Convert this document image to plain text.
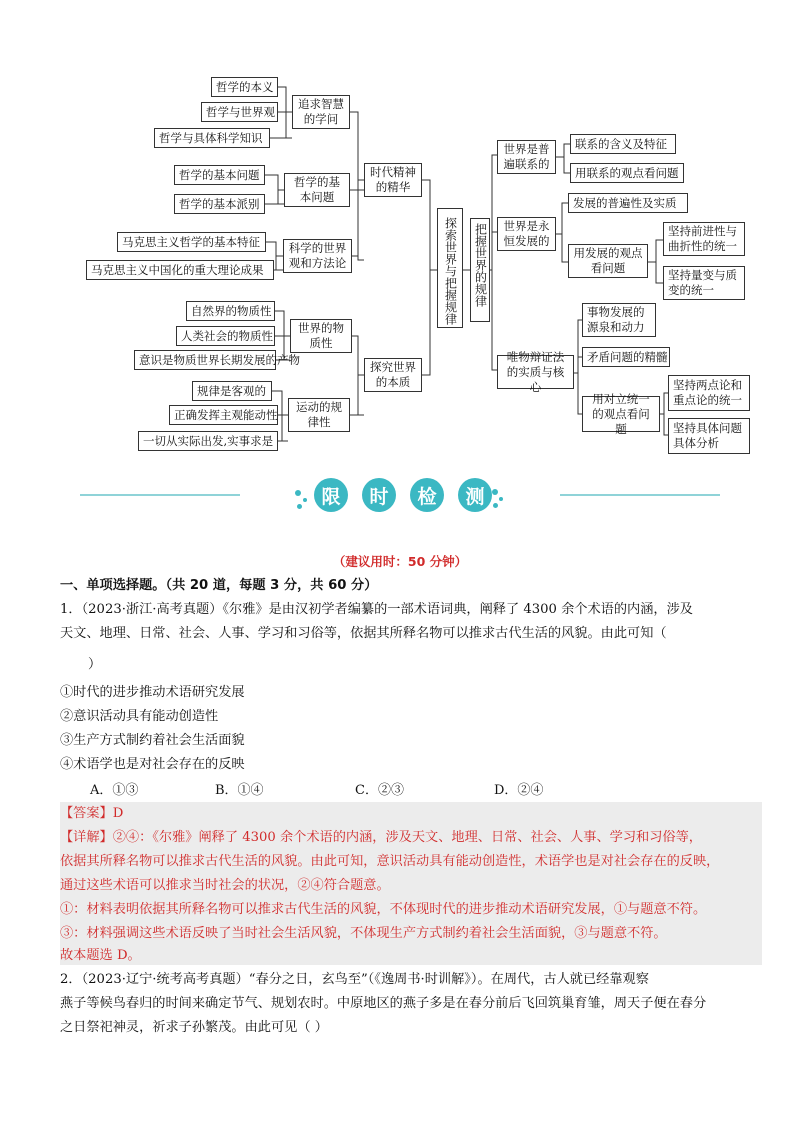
哲学的本义
哲学与世界观
哲学与具体科学知识
追求智慧的学问
哲学的基本问题
哲学的基本派别
哲学的基本问题
马克思主义哲学的基本特征
马克思主义中国化的重大理论成果
科学的世界观和方法论
时代精神的精华
自然界的物质性
人类社会的物质性
意识是物质世界长期发展的产物
世界的物质性
规律是客观的
正确发挥主观能动性
一切从实际出发,实事求是
运动的规律性
探究世界的本质
探索世界与把握规律 把握世界的规律
世界是普遍联系的
联系的含义及特征
用联系的观点看问题
世界是永恒发展的
发展的普遍性及实质
用发展的观点看问题
坚持前进性与曲折性的统一
坚持量变与质变的统一
唯物辩证法的实质与核心
事物发展的源泉和动力
矛盾问题的精髓
用对立统一的观点看问题
坚持两点论和重点论的统一
坚持具体问题具体分析
限	时	检	测
（建议用时：50 分钟）
一、单项选择题。（共 20 道，每题 3 分，共 60 分）
1．（2023·浙江·高考真题）《尔雅》是由汉初学者编纂的一部术语词典，阐释了 4300 余个术语的内涵，涉及
天文、地理、日常、社会、人事、学习和习俗等，依据其所释名物可以推求古代生活的风貌。由此可知（
）
①时代的进步推动术语研究发展
②意识活动具有能动创造性
③生产方式制约着社会生活面貌
④术语学也是对社会存在的反映
A．①③	B．①④	C．②③	D．②④
【答案】D
【详解】②④：《尔雅》阐释了 4300 余个术语的内涵，涉及天文、地理、日常、社会、人事、学习和习俗等，
依据其所释名物可以推求古代生活的风貌。由此可知，意识活动具有能动创造性，术语学也是对社会存在的反映，
通过这些术语可以推求当时社会的状况，②④符合题意。
①：材料表明依据其所释名物可以推求古代生活的风貌，不体现时代的进步推动术语研究发展，①与题意不符。
③：材料强调这些术语反映了当时社会生活风貌，不体现生产方式制约着社会生活面貌，③与题意不符。
故本题选 D。
2．（2023·辽宁·统考高考真题）“春分之日，玄鸟至”（《逸周书·时训解》）。在周代，古人就已经靠观察
燕子等候鸟春归的时间来确定节气、规划农时。中原地区的燕子多是在春分前后飞回筑巢育雏，周天子便在春分
之日祭祀神灵，祈求子孙繁茂。由此可见（ ）
